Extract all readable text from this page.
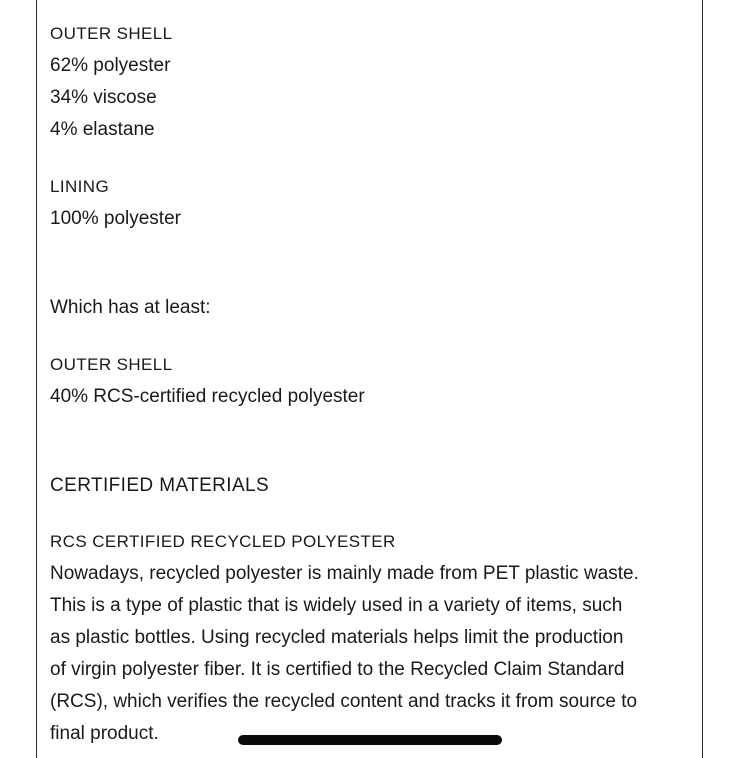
OUTER SHELL

62% polyester

34% viscose

4% elastane

LINING

100% polyester

Which has at least:

OUTER SHELL

40% RCS-certified recycled polyester

CERTIFIED MATERIALS

RCS CERTIFIED RECYCLED POLYESTER

Nowadays, recycled polyester is mainly made from PET plastic waste.
This is a type of plastic that is widely used in a variety of items, such
as plastic bottles. Using recycled materials helps limit the production
of virgin polyester fiber. It is certified to the Recycled Claim Standard
(RCS), which verifies the recycled content and tracks it from source to
final product.
